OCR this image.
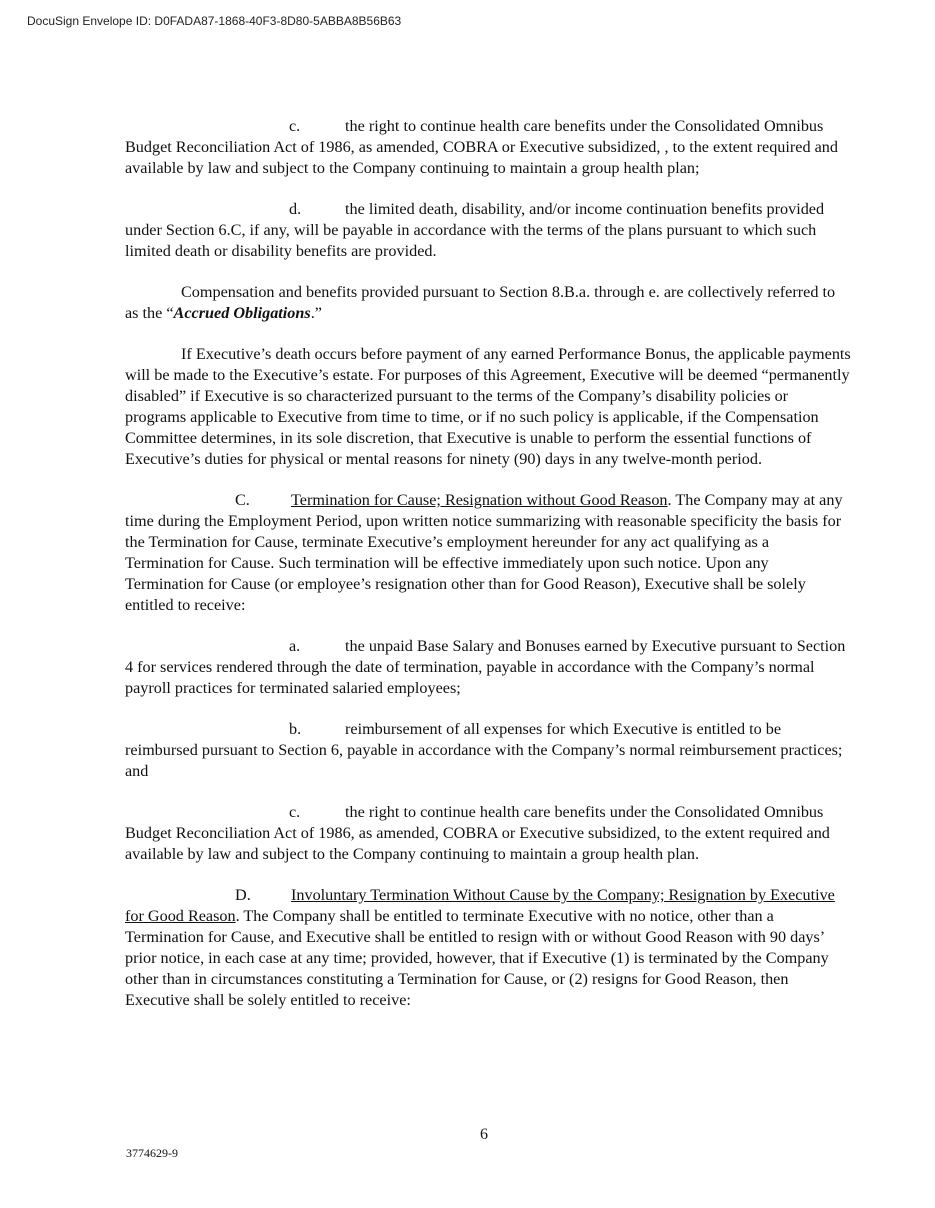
DocuSign Envelope ID: D0FADA87-1868-40F3-8D80-5ABBA8B56B63

c.	the right to continue health care benefits under the Consolidated Omnibus Budget Reconciliation Act of 1986, as amended, COBRA or Executive subsidized, , to the extent required and available by law and subject to the Company continuing to maintain a group health plan;

d.	the limited death, disability, and/or income continuation benefits provided under Section 6.C, if any, will be payable in accordance with the terms of the plans pursuant to which such limited death or disability benefits are provided.

Compensation and benefits provided pursuant to Section 8.B.a. through e. are collectively referred to as the “Accrued Obligations.”

If Executive’s death occurs before payment of any earned Performance Bonus, the applicable payments will be made to the Executive’s estate. For purposes of this Agreement, Executive will be deemed “permanently disabled” if Executive is so characterized pursuant to the terms of the Company’s disability policies or programs applicable to Executive from time to time, or if no such policy is applicable, if the Compensation Committee determines, in its sole discretion, that Executive is unable to perform the essential functions of Executive’s duties for physical or mental reasons for ninety (90) days in any twelve-month period.

C.	Termination for Cause; Resignation without Good Reason. The Company may at any time during the Employment Period, upon written notice summarizing with reasonable specificity the basis for the Termination for Cause, terminate Executive’s employment hereunder for any act qualifying as a Termination for Cause. Such termination will be effective immediately upon such notice. Upon any Termination for Cause (or employee’s resignation other than for Good Reason), Executive shall be solely entitled to receive:

a.	the unpaid Base Salary and Bonuses earned by Executive pursuant to Section 4 for services rendered through the date of termination, payable in accordance with the Company’s normal payroll practices for terminated salaried employees;

b.	reimbursement of all expenses for which Executive is entitled to be reimbursed pursuant to Section 6, payable in accordance with the Company’s normal reimbursement practices; and

c.	the right to continue health care benefits under the Consolidated Omnibus Budget Reconciliation Act of 1986, as amended, COBRA or Executive subsidized, to the extent required and available by law and subject to the Company continuing to maintain a group health plan.

D. Involuntary Termination Without Cause by the Company; Resignation by Executive for Good Reason. The Company shall be entitled to terminate Executive with no notice, other than a Termination for Cause, and Executive shall be entitled to resign with or without Good Reason with 90 days’ prior notice, in each case at any time; provided, however, that if Executive (1) is terminated by the Company other than in circumstances constituting a Termination for Cause, or (2) resigns for Good Reason, then Executive shall be solely entitled to receive:

6
3774629-9
